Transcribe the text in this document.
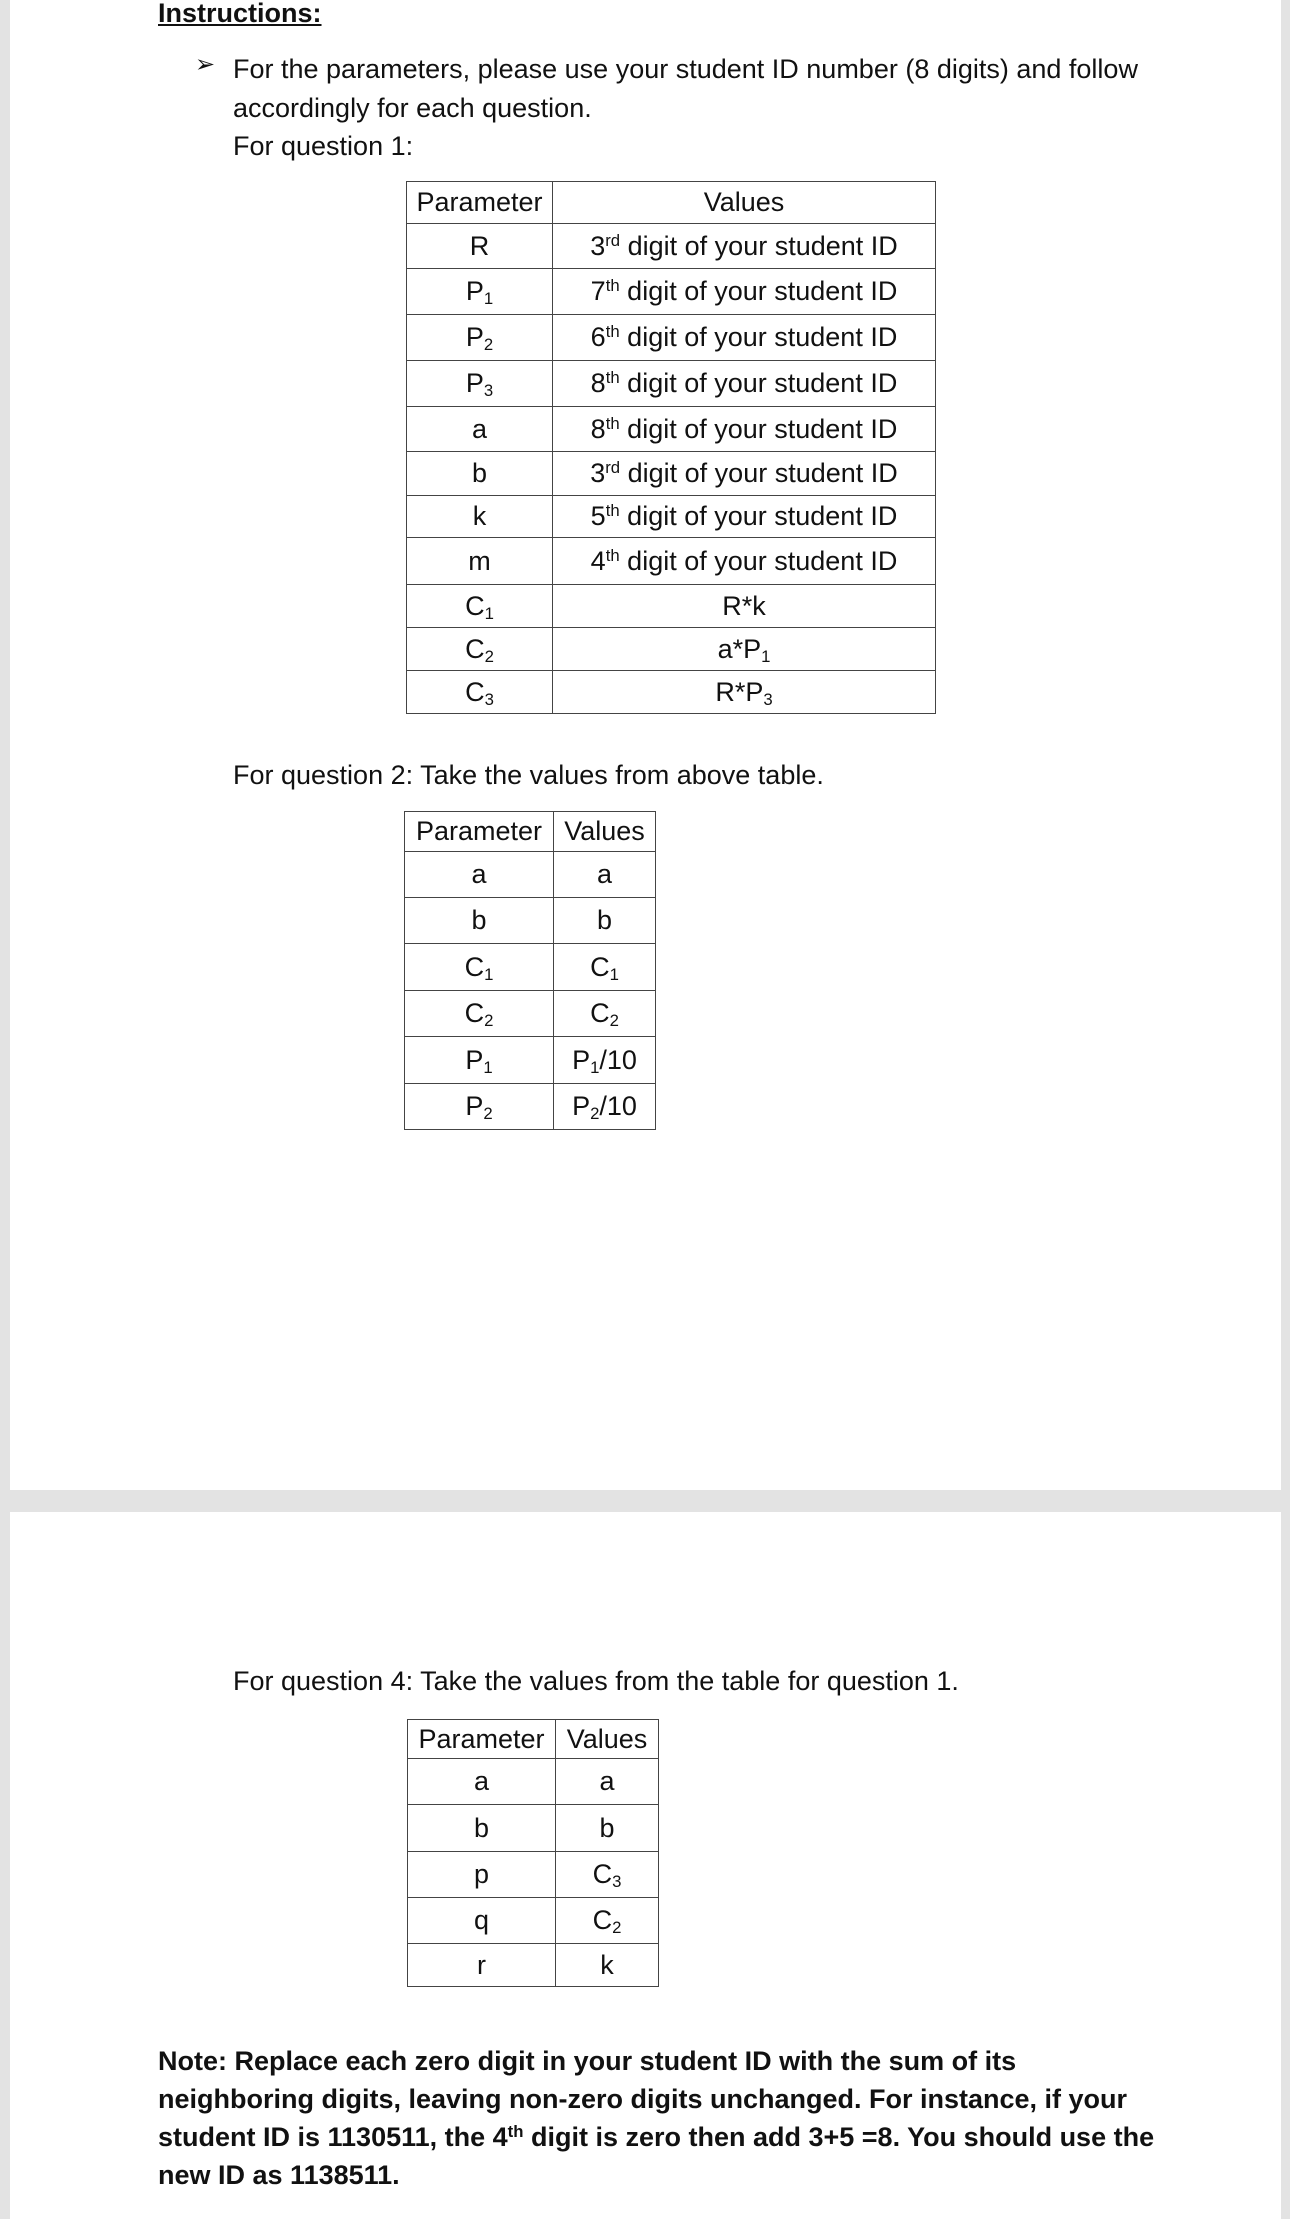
Instructions:
➢ For the parameters, please use your student ID number (8 digits) and follow
accordingly for each question.
For question 1:
Parameter	Values
R	3rd digit of your student ID
$P_1$	7th digit of your student ID
$P_2$	6th digit of your student ID
$P_3$	8th digit of your student ID
a	8th digit of your student ID
b	3rd digit of your student ID
k	5th digit of your student ID
m	4th digit of your student ID
$C_1$	R*k
$C_2$	$a*P_1$
$C_3$	$R*P_3$
For question 2: Take the values from above table.
Parameter	Values
a	a
b	b
$C_1$	$C_1$
$C_2$	$C_2$
$P_1$	$P_1/10$
$P_2$	$P_2/10$
For question 4: Take the values from the table for question 1.
Parameter	Values
a	a
b	b
p	$C_3$
q	$C_2$
r	k
Note: Replace each zero digit in your student ID with the sum of its neighboring digits, leaving non-zero digits unchanged. For instance, if your student ID is 1130511, the 4th digit is zero then add 3+5 =8. You should use the new ID as 1138511.
